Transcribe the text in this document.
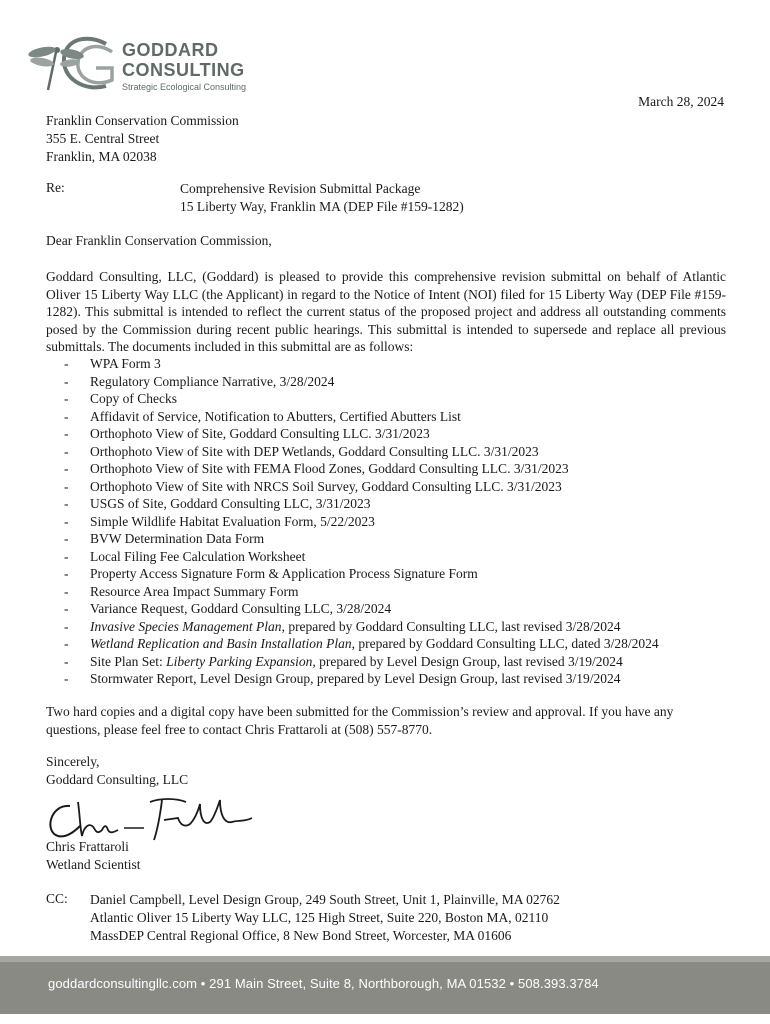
GODDARD
CONSULTING
Strategic Ecological Consulting
March 28, 2024
Franklin Conservation Commission
355 E. Central Street
Franklin, MA 02038
Re:	Comprehensive Revision Submittal Package
15 Liberty Way, Franklin MA (DEP File #159-1282)
Dear Franklin Conservation Commission,
Goddard Consulting, LLC, (Goddard) is pleased to provide this comprehensive revision submittal on behalf of Atlantic Oliver 15 Liberty Way LLC (the Applicant) in regard to the Notice of Intent (NOI) filed for 15 Liberty Way (DEP File #159-1282). This submittal is intended to reflect the current status of the proposed project and address all outstanding comments posed by the Commission during recent public hearings. This submittal is intended to supersede and replace all previous submittals. The documents included in this submittal are as follows:
- WPA Form 3
- Regulatory Compliance Narrative, 3/28/2024
- Copy of Checks
- Affidavit of Service, Notification to Abutters, Certified Abutters List
- Orthophoto View of Site, Goddard Consulting LLC. 3/31/2023
- Orthophoto View of Site with DEP Wetlands, Goddard Consulting LLC. 3/31/2023
- Orthophoto View of Site with FEMA Flood Zones, Goddard Consulting LLC. 3/31/2023
- Orthophoto View of Site with NRCS Soil Survey, Goddard Consulting LLC. 3/31/2023
- USGS of Site, Goddard Consulting LLC, 3/31/2023
- Simple Wildlife Habitat Evaluation Form, 5/22/2023
- BVW Determination Data Form
- Local Filing Fee Calculation Worksheet
- Property Access Signature Form & Application Process Signature Form
- Resource Area Impact Summary Form
- Variance Request, Goddard Consulting LLC, 3/28/2024
- Invasive Species Management Plan, prepared by Goddard Consulting LLC, last revised 3/28/2024
- Wetland Replication and Basin Installation Plan, prepared by Goddard Consulting LLC, dated 3/28/2024
- Site Plan Set: Liberty Parking Expansion, prepared by Level Design Group, last revised 3/19/2024
- Stormwater Report, Level Design Group, prepared by Level Design Group, last revised 3/19/2024
Two hard copies and a digital copy have been submitted for the Commission’s review and approval. If you have any questions, please feel free to contact Chris Frattaroli at (508) 557-8770.
Sincerely,
Goddard Consulting, LLC
Chris Frattaroli
Wetland Scientist
CC: Daniel Campbell, Level Design Group, 249 South Street, Unit 1, Plainville, MA 02762
Atlantic Oliver 15 Liberty Way LLC, 125 High Street, Suite 220, Boston MA, 02110
MassDEP Central Regional Office, 8 New Bond Street, Worcester, MA 01606
goddardconsultingllc.com • 291 Main Street, Suite 8, Northborough, MA 01532 • 508.393.3784
